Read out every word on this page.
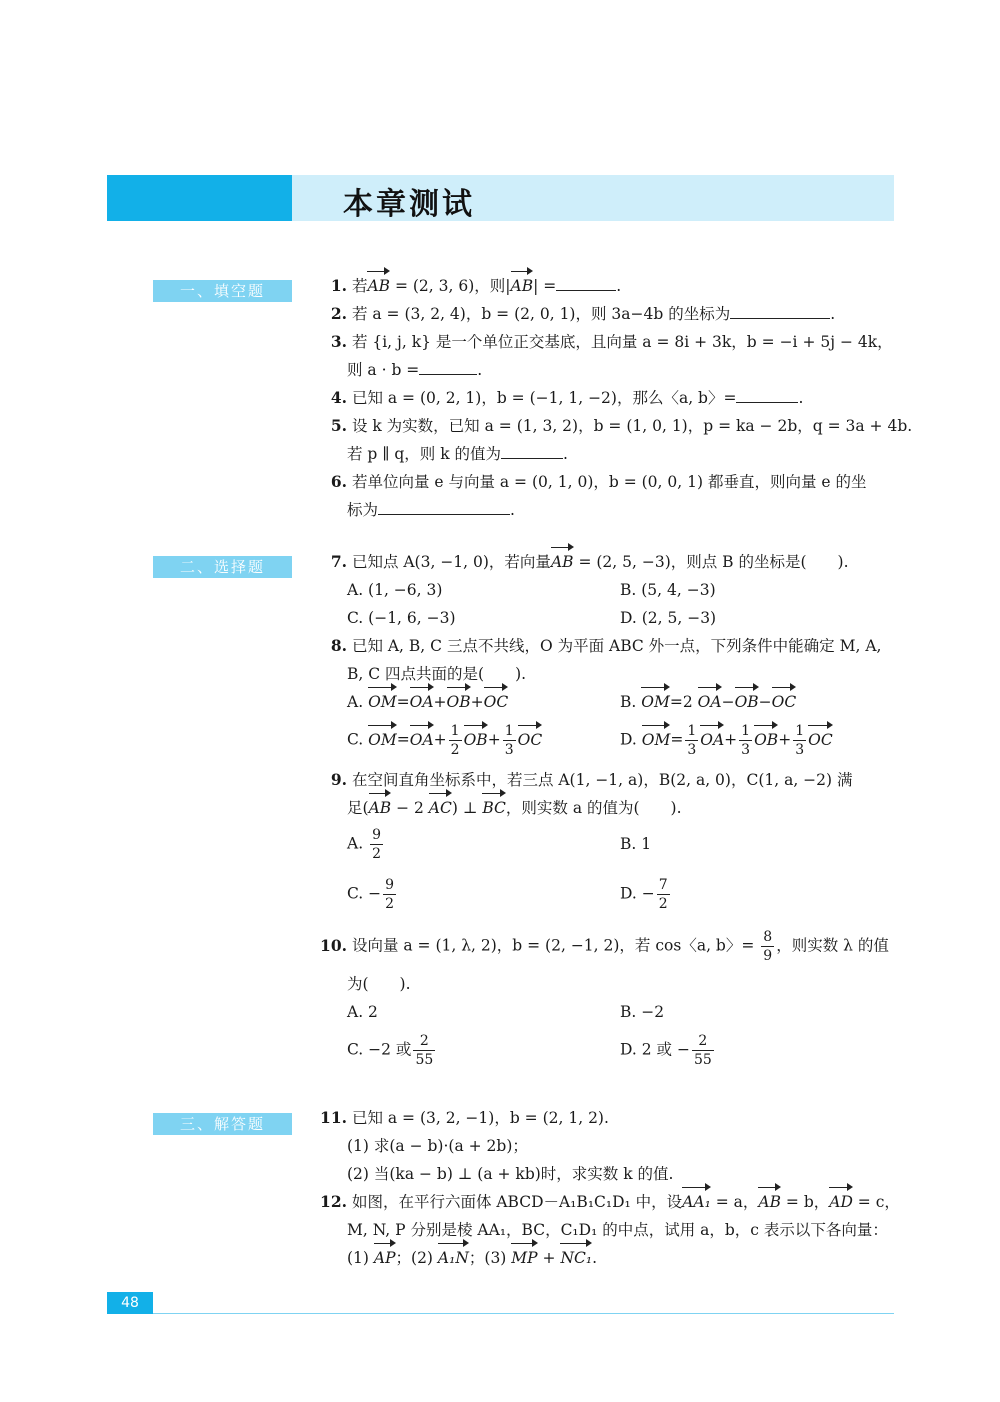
本章测试
一、填空题
二、选择题
三、解答题
1. 若AB = (2, 3, 6)，则|AB| =	.
2. 若 a = (3, 2, 4)，b = (2, 0, 1)，则 3a−4b 的坐标为	.
3. 若 {i, j, k} 是一个单位正交基底，且向量 a = 8i + 3k，b = −i + 5j − 4k，
则 a · b =	.
4. 已知 a = (0, 2, 1)，b = (−1, 1, −2)，那么〈a, b〉=	.
5. 设 k 为实数，已知 a = (1, 3, 2)，b = (1, 0, 1)，p = ka − 2b，q = 3a + 4b.
若 p ∥ q，则 k 的值为	.
6. 若单位向量 e 与向量 a = (0, 1, 0)，b = (0, 0, 1) 都垂直，则向量 e 的坐
标为	.
7. 已知点 A(3, −1, 0)，若向量AB = (2, 5, −3)，则点 B 的坐标是(　　).
A. (1, −6, 3)	B. (5, 4, −3)
C. (−1, 6, −3)	D. (2, 5, −3)
8. 已知 A, B, C 三点不共线，O 为平面 ABC 外一点，下列条件中能确定 M, A,
B, C 四点共面的是(　　).
A. OM=OA+OB+OC	B. OM=2 OA−OB−OC
C. $OM=OA+ \frac{1}{2} OB+ \frac{1}{3}$ OC	D. $OM= \frac{1}{3} OA+ \frac{1}{3} OB+ \frac{1}{3}$ OC
9. 在空间直角坐标系中，若三点 A(1, −1, a)，B(2, a, 0)，C(1, a, −2) 满
足(AB − 2 AC) ⊥ BC，则实数 a 的值为(　　).
A. $\frac{9}{2}$	B. 1
C. − $\frac{9}{2}$	D. − $\frac{7}{2}$
10. 设向量 a = (1, λ, 2)，b = (2, −1, 2)，若 cos〈a, b〉= $\frac{8}{9}$ ，则实数 λ 的值
为(　　).
A. 2	B. −2
C. −2 或 $\frac{2}{55}$	D. 2 或 − $\frac{2}{55}$
11. 已知 a = (3, 2, −1)，b = (2, 1, 2).
(1) 求(a − b)·(a + 2b)；
(2) 当(ka − b) ⊥ (a + kb)时，求实数 k 的值.
12. 如图，在平行六面体 ABCD－A₁B₁C₁D₁ 中，设AA₁ = a，AB = b，AD = c，
M, N, P 分别是棱 AA₁，BC，C₁D₁ 的中点，试用 a，b，c 表示以下各向量：
(1) AP；(2) A₁N；(3) MP + NC₁.
48
